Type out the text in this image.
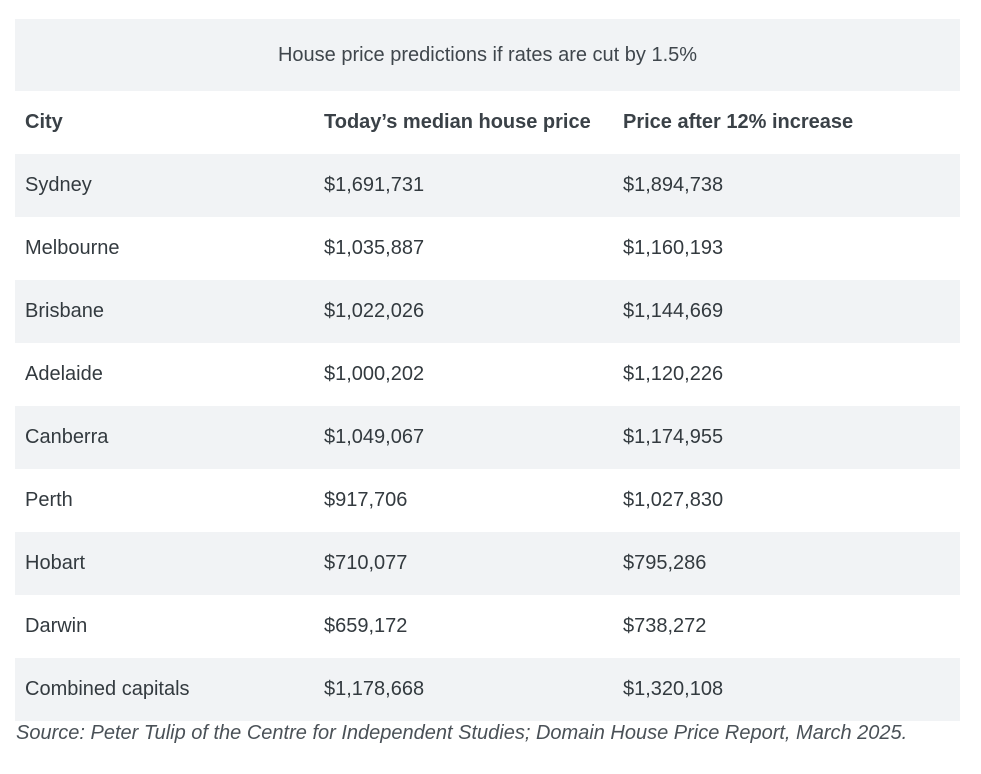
House price predictions if rates are cut by 1.5%
City	Today’s median house price	Price after 12% increase
Sydney	$1,691,731	$1,894,738
Melbourne	$1,035,887	$1,160,193
Brisbane	$1,022,026	$1,144,669
Adelaide	$1,000,202	$1,120,226
Canberra	$1,049,067	$1,174,955
Perth	$917,706	$1,027,830
Hobart	$710,077	$795,286
Darwin	$659,172	$738,272
Combined capitals	$1,178,668	$1,320,108
Source: Peter Tulip of the Centre for Independent Studies; Domain House Price Report, March 2025.
